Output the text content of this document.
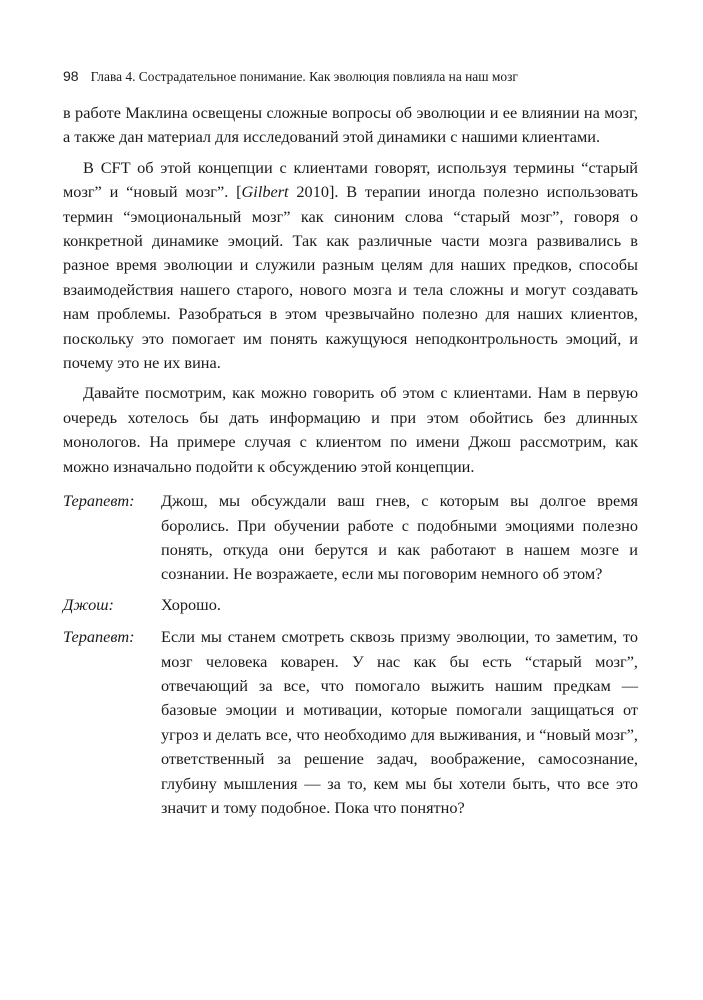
98 Глава 4. Сострадательное понимание. Как эволюция повлияла на наш мозг

в работе Маклина освещены сложные вопросы об эволюции и ее влиянии на мозг, а также дан материал для исследований этой динамики с нашими клиентами.

В CFT об этой концепции с клиентами говорят, используя термины “старый мозг” и “новый мозг”. [Gilbert 2010]. В терапии иногда полезно использовать термин “эмоциональный мозг” как синоним слова “старый мозг”, говоря о конкретной динамике эмоций. Так как различные части мозга развивались в разное время эволюции и служили разным целям для наших предков, способы взаимодействия нашего старого, нового мозга и тела сложны и могут создавать нам проблемы. Разобраться в этом чрезвычайно полезно для наших клиентов, поскольку это помогает им понять кажущуюся неподконтрольность эмоций, и почему это не их вина.

Давайте посмотрим, как можно говорить об этом с клиентами. Нам в первую очередь хотелось бы дать информацию и при этом обойтись без длинных монологов. На примере случая с клиентом по имени Джош рассмотрим, как можно изначально подойти к обсуждению этой концепции.

Терапевт:	Джош, мы обсуждали ваш гнев, с которым вы долгое время боролись. При обучении работе с подобными эмоциями полезно понять, откуда они берутся и как работают в нашем мозге и сознании. Не возражаете, если мы поговорим немного об этом?
Джош:	Хорошо.
Терапевт:	Если мы станем смотреть сквозь призму эволюции, то заметим, то мозг человека коварен. У нас как бы есть “старый мозг”, отвечающий за все, что помогало выжить нашим предкам — базовые эмоции и мотивации, которые помогали защищаться от угроз и делать все, что необходимо для выживания, и “новый мозг”, ответственный за решение задач, воображение, самосознание, глубину мышления — за то, кем мы бы хотели быть, что все это значит и тому подобное. Пока что понятно?
